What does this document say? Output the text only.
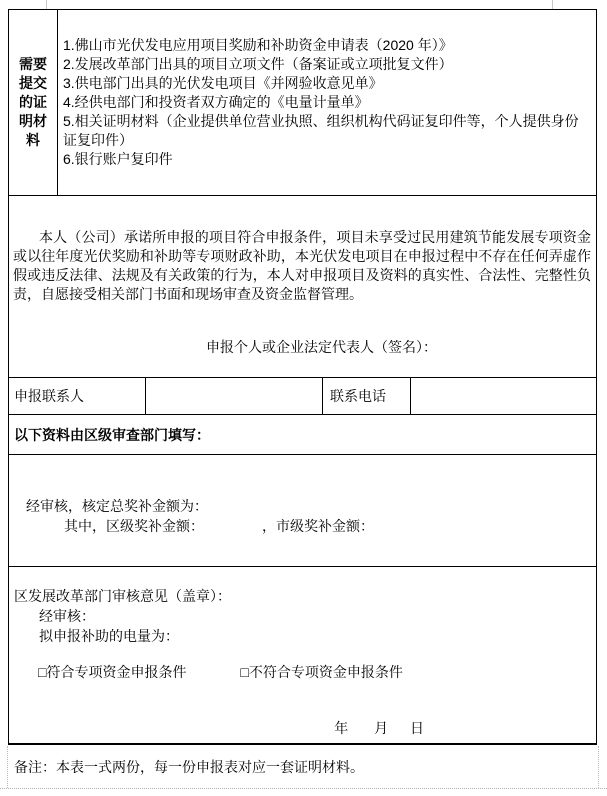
需要
提交
的证
明材
料
1.佛山市光伏发电应用项目奖励和补助资金申请表（2020 年）》
2.发展改革部门出具的项目立项文件（备案证或立项批复文件）
3.供电部门出具的光伏发电项目《并网验收意见单》
4.经供电部门和投资者双方确定的《电量计量单》
5.相关证明材料（企业提供单位营业执照、组织机构代码证复印件等，个人提供身份证复印件）
6.银行账户复印件
本人（公司）承诺所申报的项目符合申报条件，项目未享受过民用建筑节能发展专项资金或以往年度光伏奖励和补助等专项财政补助，本光伏发电项目在申报过程中不存在任何弄虚作假或违反法律、法规及有关政策的行为，本人对申报项目及资料的真实性、合法性、完整性负责，自愿接受相关部门书面和现场审查及资金监督管理。
申报个人或企业法定代表人（签名）：
申报联系人	联系电话
以下资料由区级审查部门填写：
经审核，核定总奖补金额为：
其中，区级奖补金额：	，市级奖补金额：
区发展改革部门审核意见（盖章）：
经审核：
拟申报补助的电量为：
□符合专项资金申报条件	□不符合专项资金申报条件
年 月 日
备注：本表一式两份，每一份申报表对应一套证明材料。
